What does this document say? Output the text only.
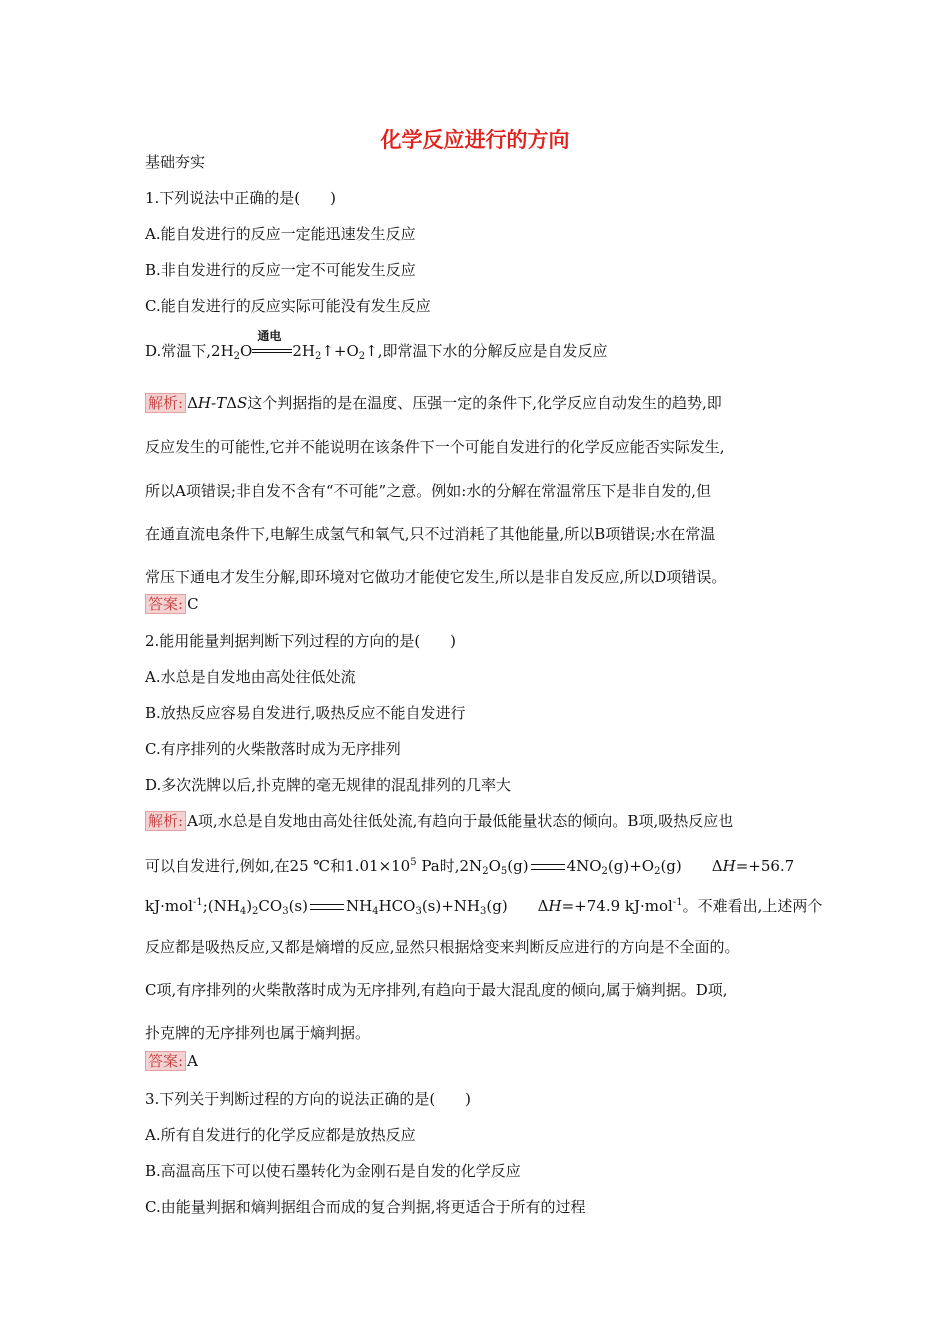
化学反应进行的方向
基础夯实
1.下列说法中正确的是(　　)
A.能自发进行的反应一定能迅速发生反应
B.非自发进行的反应一定不可能发生反应
C.能自发进行的反应实际可能没有发生反应
D.常温下$,2H_2O$
通电
$2H_2↑+O_2↑$,即常温下水的分解反应是自发反应
解析: ΔH-TΔS这个判据指的是在温度、压强一定的条件下,化学反应自动发生的趋势,即
反应发生的可能性,它并不能说明在该条件下一个可能自发进行的化学反应能否实际发生,
所以A项错误;非自发不含有“不可能”之意。例如:水的分解在常温常压下是非自发的,但
在通直流电条件下,电解生成氢气和氧气,只不过消耗了其他能量,所以B项错误;水在常温
常压下通电才发生分解,即环境对它做功才能使它发生,所以是非自发反应,所以D项错误。
答案: C
2.能用能量判据判断下列过程的方向的是(　　)
A.水总是自发地由高处往低处流
B.放热反应容易自发进行,吸热反应不能自发进行
C.有序排列的火柴散落时成为无序排列
D.多次洗牌以后,扑克牌的毫无规律的混乱排列的几率大
解析: A项,水总是自发地由高处往低处流,有趋向于最低能量状态的倾向。B项,吸热反应也
可以自发进行,例如,在25 ℃和$1.01\times 10^5$ Pa时$,2N_2O_5(g)$	$4NO_2(g)+O_2(g)$　　ΔH=+56.7
$kJ\cdot mol^{-1};(NH_4)_2CO_3(s)$	$NH_4HCO_3(s)+NH_3(g)$　　ΔH=+74.9 kJ·mol$^{-1}$。不难看出,上述两个
反应都是吸热反应,又都是熵增的反应,显然只根据焓变来判断反应进行的方向是不全面的。
C项,有序排列的火柴散落时成为无序排列,有趋向于最大混乱度的倾向,属于熵判据。D项,
扑克牌的无序排列也属于熵判据。
答案: A
3.下列关于判断过程的方向的说法正确的是(　　)
A.所有自发进行的化学反应都是放热反应
B.高温高压下可以使石墨转化为金刚石是自发的化学反应
C.由能量判据和熵判据组合而成的复合判据,将更适合于所有的过程
